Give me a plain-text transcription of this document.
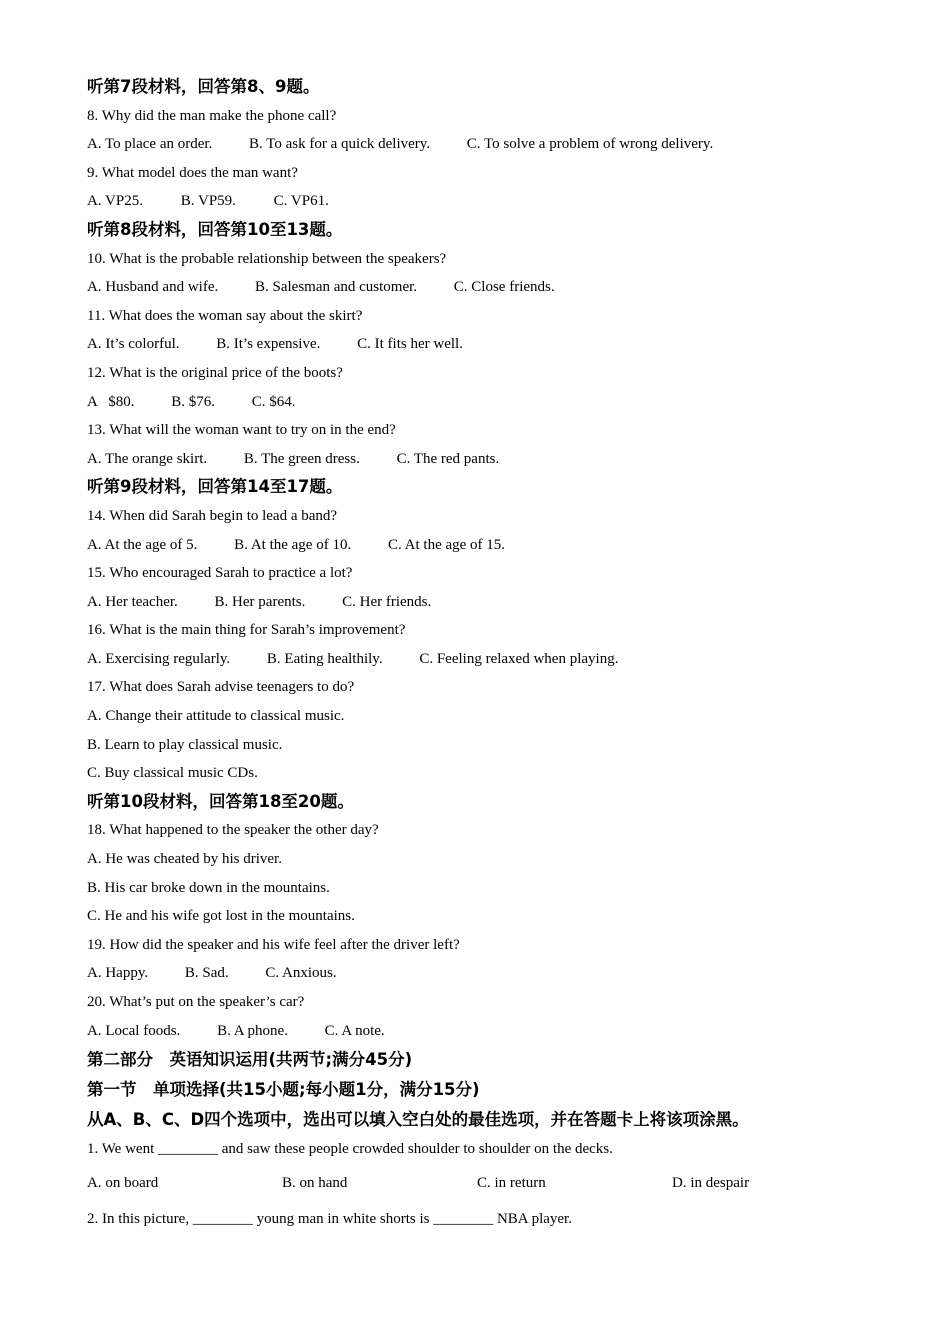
听第7段材料，回答第8、9题。
8. Why did the man make the phone call?
A. To place an order. B. To ask for a quick delivery. C. To solve a problem of wrong delivery.
9. What model does the man want?
A. VP25.	B. VP59.	C. VP61.
听第8段材料，回答第10至13题。
10. What is the probable relationship between the speakers?
A. Husband and wife. B. Salesman and customer. C. Close friends.
11. What does the woman say about the skirt?
A. It’s colorful. B. It’s expensive. C. It fits her well.
12. What is the original price of the boots?
A   $80. B. $76. C. $64.
13. What will the woman want to try on in the end?
A. The orange skirt. B. The green dress. C. The red pants.
听第9段材料，回答第14至17题。
14. When did Sarah begin to lead a band?
A. At the age of 5. B. At the age of 10. C. At the age of 15.
15. Who encouraged Sarah to practice a lot?
A. Her teacher. B. Her parents. C. Her friends.
16. What is the main thing for Sarah’s improvement?
A. Exercising regularly. B. Eating healthily. C. Feeling relaxed when playing.
17. What does Sarah advise teenagers to do?
A. Change their attitude to classical music.
B. Learn to play classical music.
C. Buy classical music CDs.
听第10段材料，回答第18至20题。
18. What happened to the speaker the other day?
A. He was cheated by his driver.
B. His car broke down in the mountains.
C. He and his wife got lost in the mountains.
19. How did the speaker and his wife feel after the driver left?
A. Happy. B. Sad. C. Anxious.
20. What’s put on the speaker’s car?
A. Local foods. B. A phone. C. A note.
第二部分　英语知识运用(共两节;满分45分)
第一节　单项选择(共15小题;每小题1分，满分15分)
从A、B、C、D四个选项中，选出可以填入空白处的最佳选项，并在答题卡上将该项涂黑。
1. We went ________ and saw these people crowded shoulder to shoulder on the decks.
A. on board	B. on hand	C. in return	D. in despair
2. In this picture, ________ young man in white shorts is ________ NBA player.
